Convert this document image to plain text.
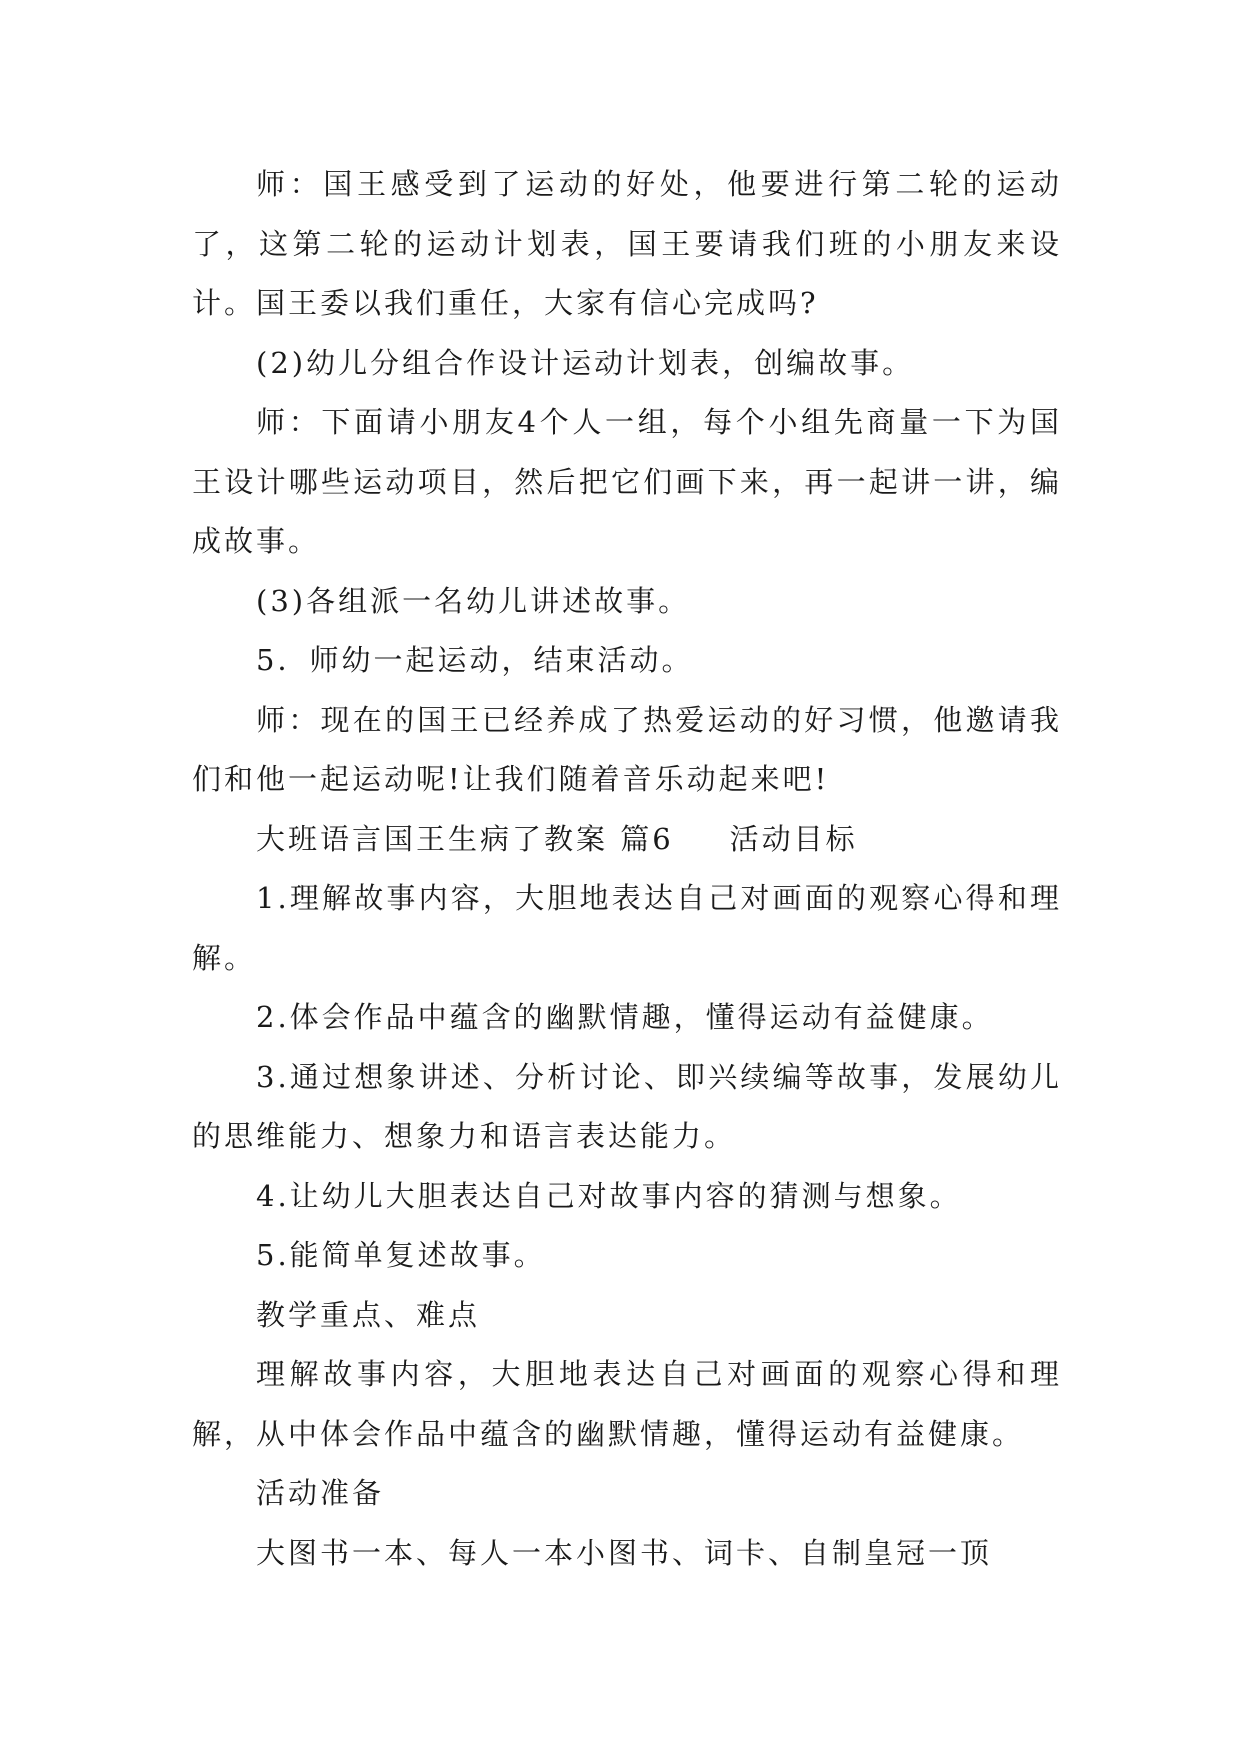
师：国王感受到了运动的好处，他要进行第二轮的运动了，这第二轮的运动计划表，国王要请我们班的小朋友来设计。国王委以我们重任，大家有信心完成吗?

(2)幼儿分组合作设计运动计划表，创编故事。

师：下面请小朋友4个人一组，每个小组先商量一下为国王设计哪些运动项目，然后把它们画下来，再一起讲一讲，编成故事。

(3)各组派一名幼儿讲述故事。

5．师幼一起运动，结束活动。

师：现在的国王已经养成了热爱运动的好习惯，他邀请我们和他一起运动呢!让我们随着音乐动起来吧!

大班语言国王生病了教案 篇6 活动目标

1.理解故事内容，大胆地表达自己对画面的观察心得和理解。

2.体会作品中蕴含的幽默情趣，懂得运动有益健康。

3.通过想象讲述、分析讨论、即兴续编等故事，发展幼儿的思维能力、想象力和语言表达能力。

4.让幼儿大胆表达自己对故事内容的猜测与想象。

5.能简单复述故事。

教学重点、难点

理解故事内容，大胆地表达自己对画面的观察心得和理解，从中体会作品中蕴含的幽默情趣，懂得运动有益健康。

活动准备

大图书一本、每人一本小图书、词卡、自制皇冠一顶
